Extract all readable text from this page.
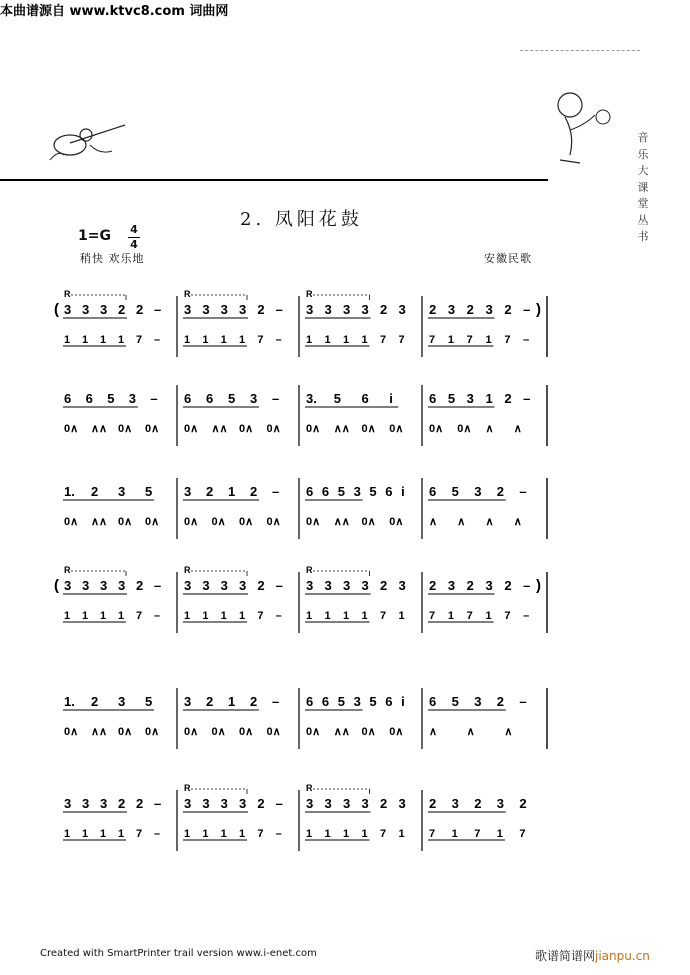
本曲谱源自 www.ktvc8.com 词曲网
音乐大课堂丛书
2. 凤阳花鼓
1=G 4
4
稍快 欢乐地	安徽民歌
(	)
3 3 3 2 2 –
R
3 3 3 3 2 –
R
3 3 3 3 2 3
R
2 3 2 3 2 –
1 1 1 1 7 – 1 1 1 1 7 – 1 1 1 1 7 7 7 1 7 1 7 –
6 6 5 3 – 6 6 5 3 – 3. 5 6 i	6 5 3 1 2 –
0∧ ∧∧ 0∧ 0∧ 0∧ ∧∧ 0∧ 0∧ 0∧ ∧∧ 0∧ 0∧ 0∧ 0∧ ∧ ∧
1. 2 3 5 3 2 1 2 – 6 6 5 3 5 6 i 6 5 3 2 –
0∧ ∧∧ 0∧ 0∧ 0∧ 0∧ 0∧ 0∧ 0∧ ∧∧ 0∧ 0∧ ∧ ∧ ∧ ∧
(	)
3 3 3 3 2 –
R
3 3 3 3 2 –
R
3 3 3 3 2 3
R
2 3 2 3 2 –
1 1 1 1 7 – 1 1 1 1 7 – 1 1 1 1 7 1 7 1 7 1 7 –
1. 2 3 5 3 2 1 2 – 6 6 5 3 5 6 i 6 5 3 2 –
0∧ ∧∧ 0∧ 0∧ 0∧ 0∧ 0∧ 0∧ 0∧ ∧∧ 0∧ 0∧ ∧	∧	∧
3 3 3 2 2 – 3 3 3 3 2 –
R
3 3 3 3 2 3
R
2 3 2 3 2
1 1 1 1 7 – 1 1 1 1 7 – 1 1 1 1 7 1 7 1 7 1 7
Created with SmartPrinter trail version www.i-enet.com	歌谱简谱网jianpu.cn
